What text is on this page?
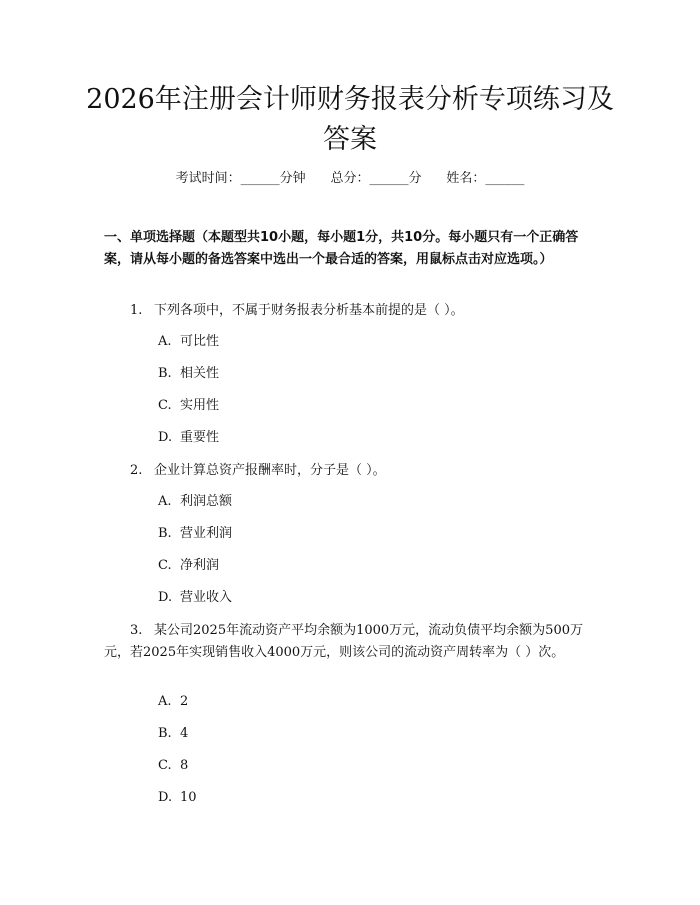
2026年注册会计师财务报表分析专项练习及答案
考试时间：______分钟 总分：______分 姓名：______
一、单项选择题（本题型共10小题，每小题1分，共10分。每小题只有一个正确答案，请从每小题的备选答案中选出一个最合适的答案，用鼠标点击对应选项。）
1. 下列各项中，不属于财务报表分析基本前提的是（ ）。
A. 可比性
B. 相关性
C. 实用性
D. 重要性
2. 企业计算总资产报酬率时，分子是（ ）。
A. 利润总额
B. 营业利润
C. 净利润
D. 营业收入
3. 某公司2025年流动资产平均余额为1000万元，流动负债平均余额为500万元，若2025年实现销售收入4000万元，则该公司的流动资产周转率为（ ）次。
A. 2
B. 4
C. 8
D. 10
